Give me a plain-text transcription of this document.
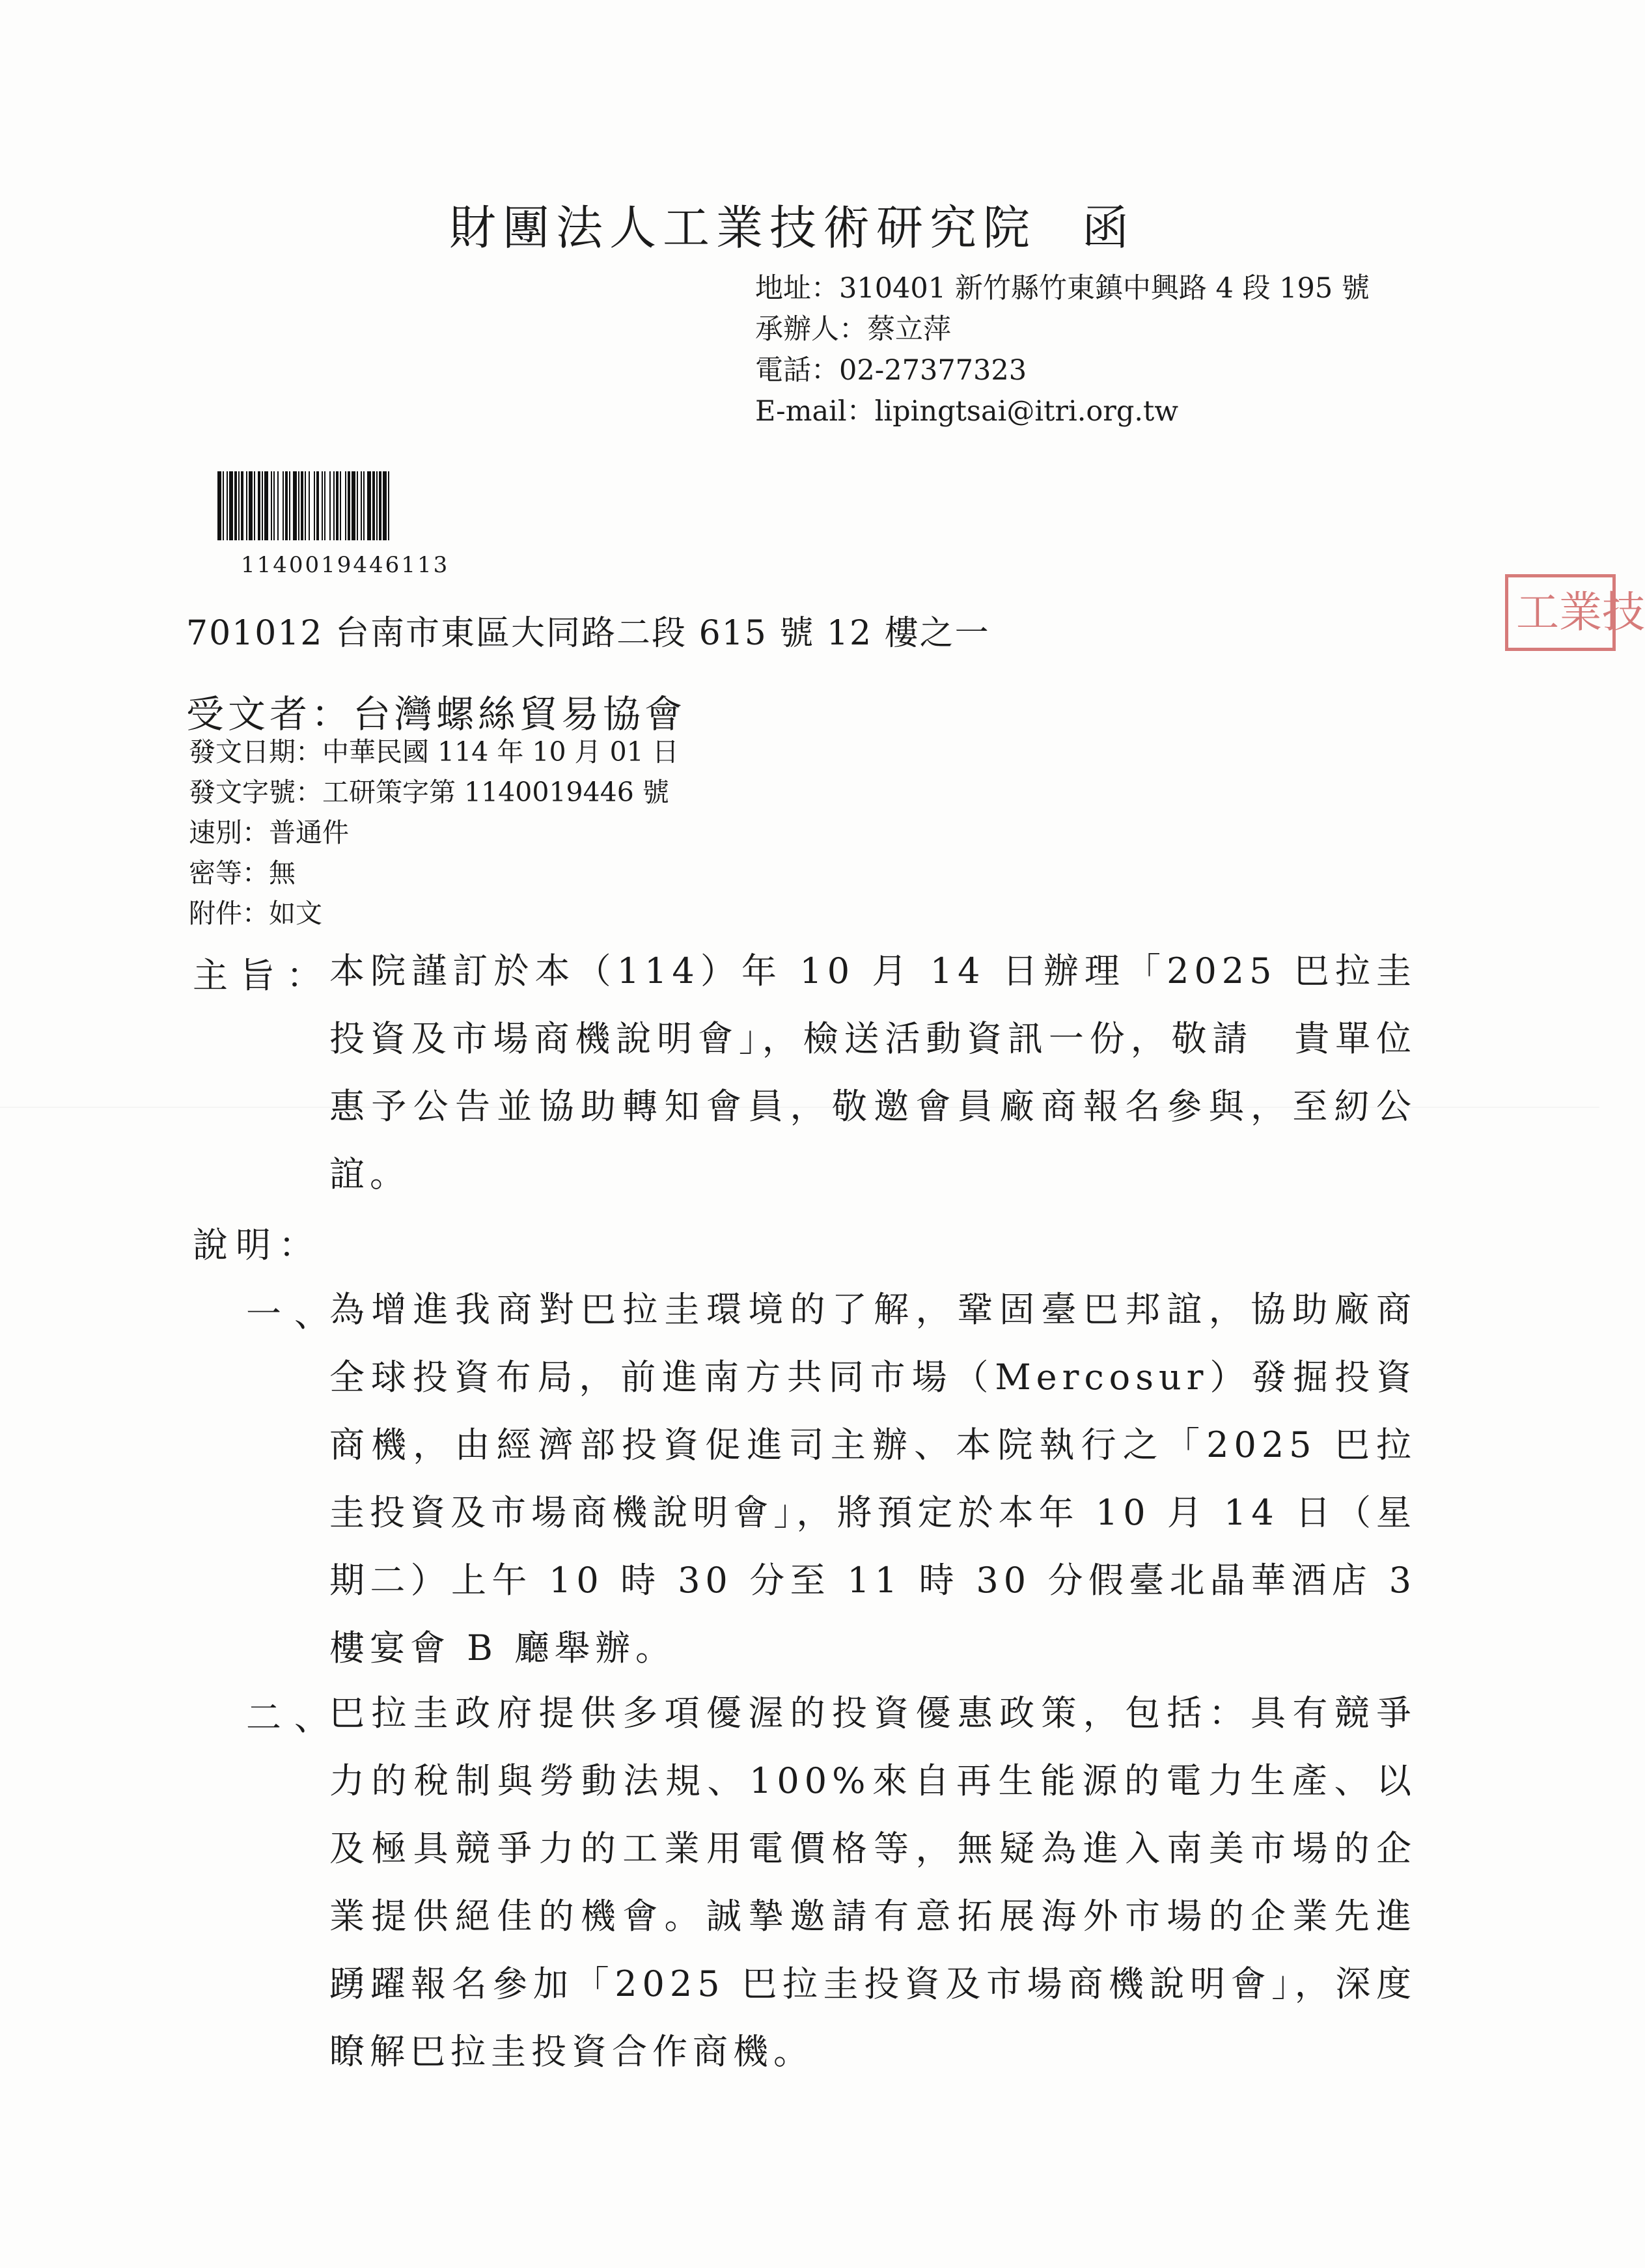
財團法人工業技術研究院 函
地址：310401 新竹縣竹東鎮中興路 4 段 195 號
承辦人：蔡立萍
電話：02-27377323
E-mail：lipingtsai@itri.org.tw
1140019446113
工業技
701012 台南市東區大同路二段 615 號 12 樓之一
受文者：台灣螺絲貿易協會
發文日期：中華民國 114 年 10 月 01 日
發文字號：工研策字第 1140019446 號
速別：普通件
密等：無
附件：如文
主旨：
本院謹訂於本（114）年 10 月 14 日辦理「2025 巴拉圭投資及市場商機說明會」，檢送活動資訊一份，敬請　貴單位惠予公告並協助轉知會員，敬邀會員廠商報名參與，至紉公誼。
說明：
一、
為增進我商對巴拉圭環境的了解，鞏固臺巴邦誼，協助廠商全球投資布局，前進南方共同市場（Mercosur）發掘投資商機，由經濟部投資促進司主辦、本院執行之「2025 巴拉圭投資及市場商機說明會」，將預定於本年 10 月 14 日（星期二）上午 10 時 30 分至 11 時 30 分假臺北晶華酒店 3 樓宴會 B 廳舉辦。
二、
巴拉圭政府提供多項優渥的投資優惠政策，包括：具有競爭力的稅制與勞動法規、100%來自再生能源的電力生產、以及極具競爭力的工業用電價格等，無疑為進入南美市場的企業提供絕佳的機會。誠摯邀請有意拓展海外市場的企業先進踴躍報名參加「2025 巴拉圭投資及市場商機說明會」，深度瞭解巴拉圭投資合作商機。
